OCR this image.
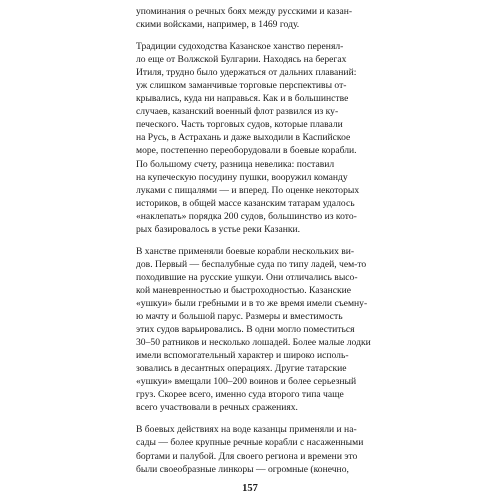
упоминания о речных боях между русскими и казан-
скими войсками, например, в 1469 году.
Традиции судоходства Казанское ханство перенял-
ло еще от Волжской Булгарии. Находясь на берегах
Итиля, трудно было удержаться от дальних плаваний:
уж слишком заманчивые торговые перспективы от-
крывались, куда ни направься. Как и в большинстве
случаев, казанский военный флот развился из ку-
печеского. Часть торговых судов, которые плавали
на Русь, в Астрахань и даже выходили в Каспийское
море, постепенно переоборудовали в боевые корабли.
По большому счету, разница невелика: поставил
на купеческую посудину пушки, вооружил команду
луками с пищалями — и вперед. По оценке некоторых
историков, в общей массе казанским татарам удалось
«наклепать» порядка 200 судов, большинство из кото-
рых базировалось в устье реки Казанки.
В ханстве применяли боевые корабли нескольких ви-
дов. Первый — беспалубные суда по типу ладей, чем-то
походившие на русские ушкуи. Они отличались высо-
кой маневренностью и быстроходностью. Казанские
«ушкуи» были гребными и в то же время имели съемну-
ю мачту и большой парус. Размеры и вместимость
этих судов варьировались. В одни могло поместиться
30–50 ратников и несколько лошадей. Более малые лодки
имели вспомогательный характер и широко исполь-
зовались в десантных операциях. Другие татарские
«ушкуи» вмещали 100–200 воинов и более серьезный
груз. Скорее всего, именно суда второго типа чаще
всего участвовали в речных сражениях.
В боевых действиях на воде казанцы применяли и на-
сады — более крупные речные корабли с насаженными
бортами и палубой. Для своего региона и времени это
были своеобразные линкоры — огромные (конечно,
157
